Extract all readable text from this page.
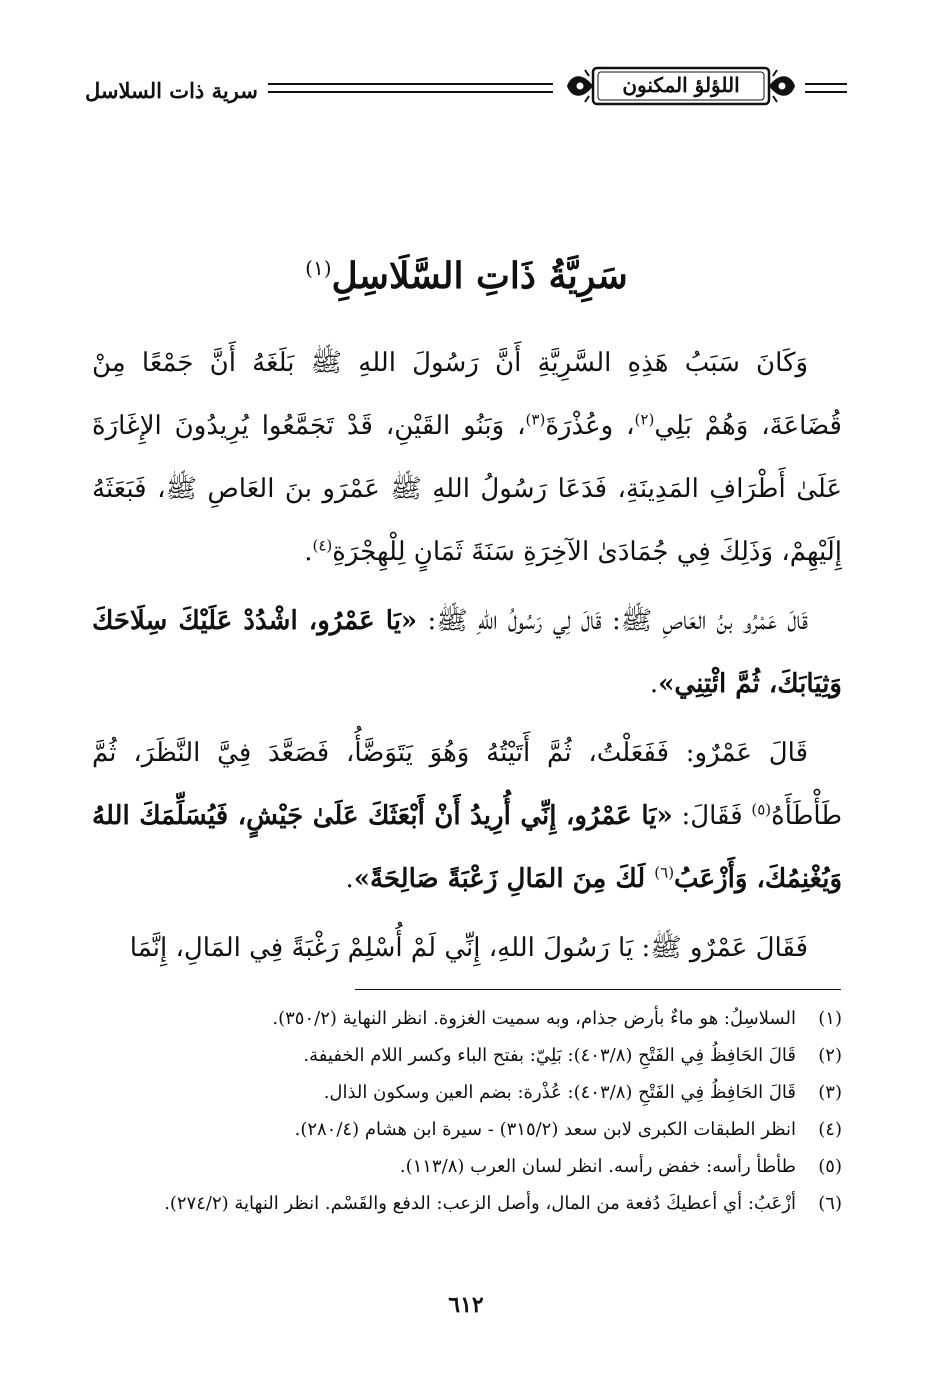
سرية ذات السلاسل	اللؤلؤ المكنون
سَرِيَّةُ ذَاتِ السَّلَاسِلِ$^{(١)}$

وَكَانَ سَبَبُ هَذِهِ السَّرِيَّةِ أَنَّ رَسُولَ اللهِ ﷺ بَلَغَهُ أَنَّ جَمْعًا مِنْ قُضَاعَةَ، وَهُمْ بَلِي$^{(٢)}$، وعُذْرَةَ$^{(٣)}$، وَبَنُو القَيْنِ، قَدْ تَجَمَّعُوا يُرِيدُونَ الإِغَارَةَ عَلَىٰ أَطْرَافِ المَدِينَةِ، فَدَعَا رَسُولُ اللهِ ﷺ عَمْرَو بنَ العَاصِ ﷺ، فَبَعَثَهُ إِلَيْهِمْ، وَذَلِكَ فِي جُمَادَىٰ الآخِرَةِ سَنَةَ ثَمَانٍ لِلْهِجْرَةِ$^{(٤)}$.

قَالَ عَمْرُو بنُ العَاصِ ﷺ: قَالَ لِي رَسُولُ اللهِ ﷺ: «يَا عَمْرُو، اشْدُدْ عَلَيْكَ سِلَاحَكَ وَثِيَابَكَ، ثُمَّ ائْتِنِي».

قَالَ عَمْرٌو: فَفَعَلْتُ، ثُمَّ أَتَيْتُهُ وَهُوَ يَتَوَضَّأُ، فَصَعَّدَ فِيَّ النَّظَرَ، ثُمَّ طَأْطَأَهُ$^{(٥)}$ فَقَالَ: «يَا عَمْرُو، إِنِّي أُرِيدُ أَنْ أَبْعَثَكَ عَلَىٰ جَيْشٍ، فَيُسَلِّمَكَ اللهُ وَيُغْنِمُكَ، وَأَزْعَبُ$^{(٦)}$ لَكَ مِنَ المَالِ زَعْبَةً صَالِحَةً».

فَقَالَ عَمْرٌو ﷺ: يَا رَسُولَ اللهِ، إِنِّي لَمْ أُسْلِمْ رَغْبَةً فِي المَالِ، إِنَّمَا

(١)السلاسِلُ: هو ماءٌ بأرض جذام، وبه سميت الغزوة. انظر النهاية (٣٥٠/٢).
(٢)قَالَ الحَافِظُ فِي الفَتْحِ (٤٠٣/٨): بَلِيّ: بفتح الباء وكسر اللام الخفيفة.
(٣)قَالَ الحَافِظُ فِي الفَتْحِ (٤٠٣/٨): عُذْرة: بضم العين وسكون الذال.
(٤)انظر الطبقات الكبرى لابن سعد (٣١٥/٢) - سيرة ابن هشام (٢٨٠/٤).
(٥)طأطأ رأسه: خفض رأسه. انظر لسان العرب (١١٣/٨).
(٦)أزْعَبُ: أي أعطيكَ دُفعة من المال، وأصل الزعب: الدفع والقَسْم. انظر النهاية (٢٧٤/٢).
٦١٢
